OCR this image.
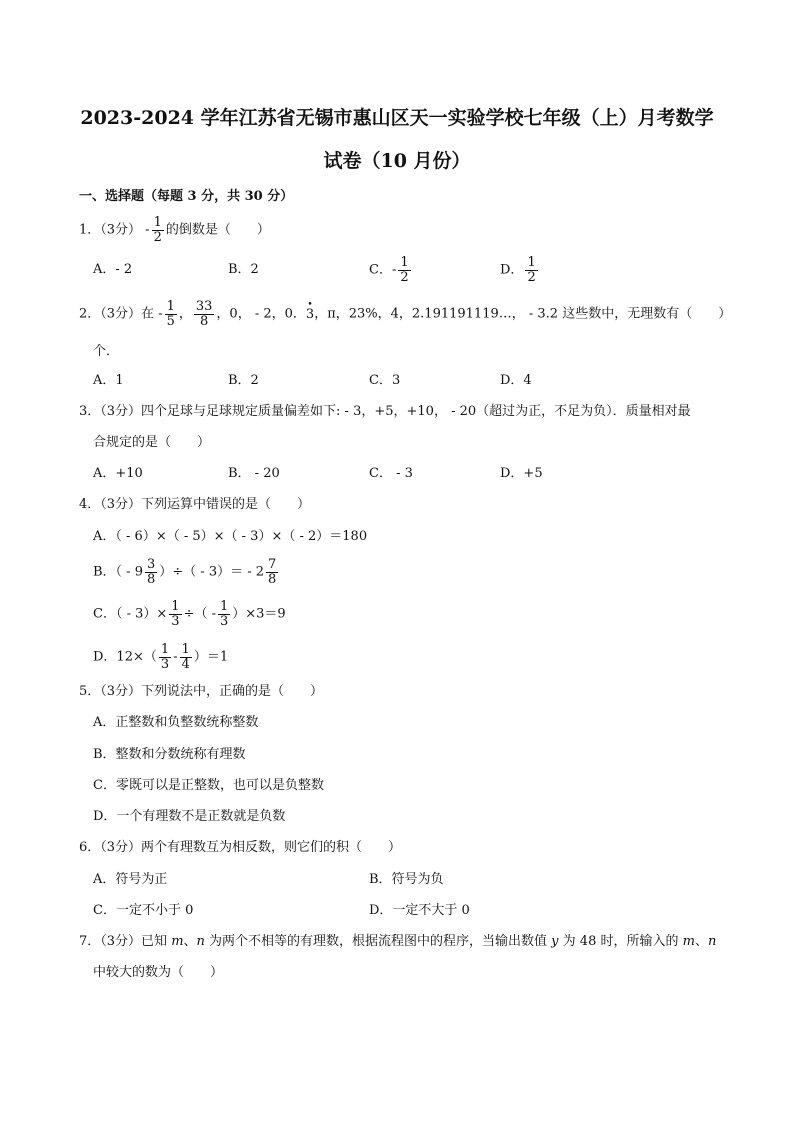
2023-2024 学年江苏省无锡市惠山区天一实验学校七年级（上）月考数学
试卷（10 月份）
一、选择题（每题 3 分，共 30 分）
1．（3分） - $\frac{1}{2}$ 的倒数是（　　）
A．- 2	B．2	C．- $\frac{1}{2}$	D． $\frac{1}{2}$
2．（3分）在 - $\frac{1}{5}$ ， $\frac{33}{8}$ ，0， - 2，0．• 3，π，23%，4，2.191191119…， - 3.2 这些数中，无理数有（　　）
个．
A．1	B．2	C．3	D．4
3．（3分）四个足球与足球规定质量偏差如下: - 3，+5，+10， - 20（超过为正，不足为负）．质量相对最
合规定的是（　　）
A．+10	B． - 20	C． - 3	D．+5
4．（3分）下列运算中错误的是（　　）
A．（ - 6）×（ - 5）×（ - 3）×（ - 2）＝180
B．（ - $9 \frac{3}{8}$ ）÷（ - $3)= - 2 \frac{7}{8}$
C．（ - $3)\times \frac{1}{3}$ ÷（ - $\frac{1}{3} )\times 3=9$
D．$12\times( \frac{1}{3} - \frac{1}{4} )=1$
5．（3分）下列说法中，正确的是（　　）
A．正整数和负整数统称整数
B．整数和分数统称有理数
C．零既可以是正整数，也可以是负整数
D．一个有理数不是正数就是负数
6．（3分）两个有理数互为相反数，则它们的积（　　）
A．符号为正	B．符号为负
C．一定不小于 0	D．一定不大于 0
7．（3分）已知 m、n 为两个不相等的有理数，根据流程图中的程序，当输出数值 y 为 48 时，所输入的 m、n
中较大的数为（　　）
